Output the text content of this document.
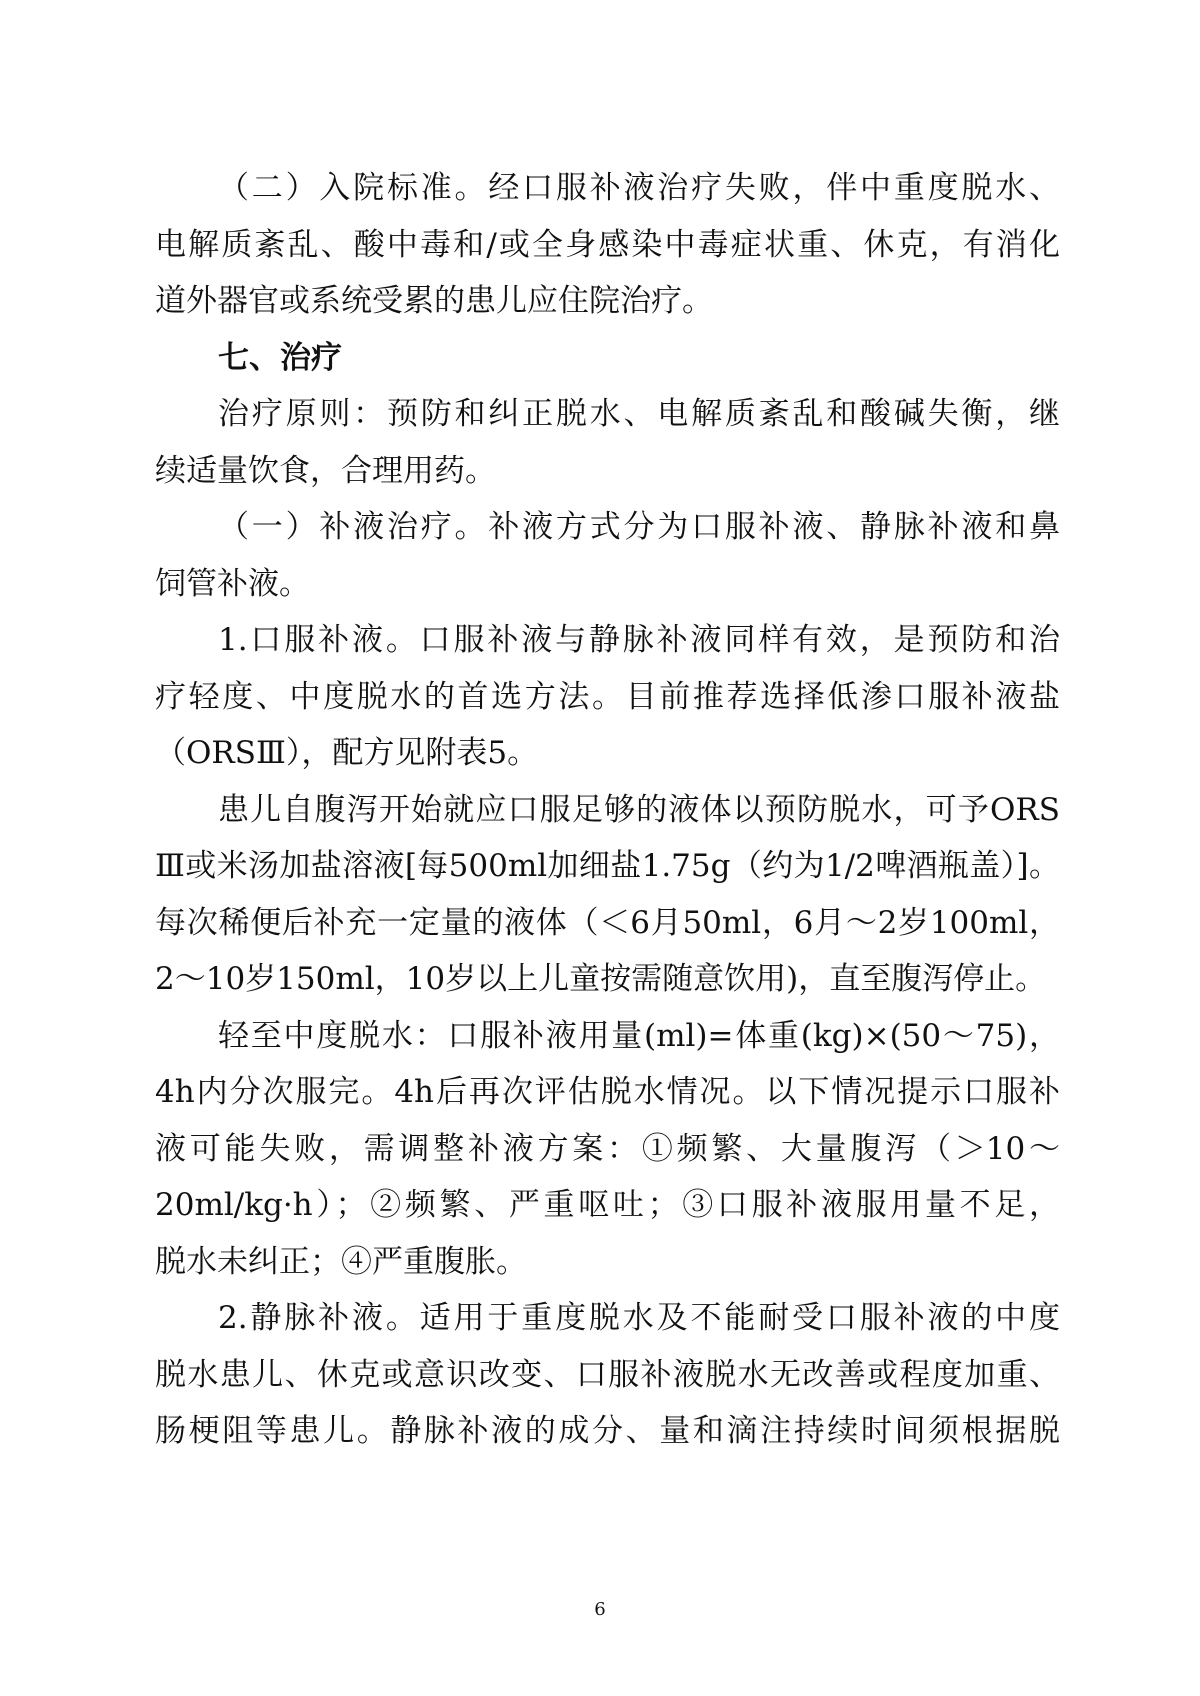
（二）入院标准。经口服补液治疗失败，伴中重度脱水、
电解质紊乱、酸中毒和/或全身感染中毒症状重、休克，有消化
道外器官或系统受累的患儿应住院治疗。
七、治疗
治疗原则：预防和纠正脱水、电解质紊乱和酸碱失衡，继
续适量饮食，合理用药。
（一）补液治疗。补液方式分为口服补液、静脉补液和鼻
饲管补液。
1.口服补液。口服补液与静脉补液同样有效，是预防和治
疗轻度、中度脱水的首选方法。目前推荐选择低渗口服补液盐
（ORSⅢ），配方见附表5。
患儿自腹泻开始就应口服足够的液体以预防脱水，可予ORS
Ⅲ或米汤加盐溶液[每500ml加细盐1.75g（约为1/2啤酒瓶盖）]。
每次稀便后补充一定量的液体（＜6月50ml，6月～2岁100ml，
2～10岁150ml，10岁以上儿童按需随意饮用)，直至腹泻停止。
轻至中度脱水：口服补液用量(ml)=体重(kg)×(50～75)，
4h内分次服完。4h后再次评估脱水情况。以下情况提示口服补
液可能失败，需调整补液方案：①频繁、大量腹泻（＞10～
20ml/kg·h）；②频繁、严重呕吐；③口服补液服用量不足，
脱水未纠正；④严重腹胀。
2.静脉补液。适用于重度脱水及不能耐受口服补液的中度
脱水患儿、休克或意识改变、口服补液脱水无改善或程度加重、
肠梗阻等患儿。静脉补液的成分、量和滴注持续时间须根据脱
6
